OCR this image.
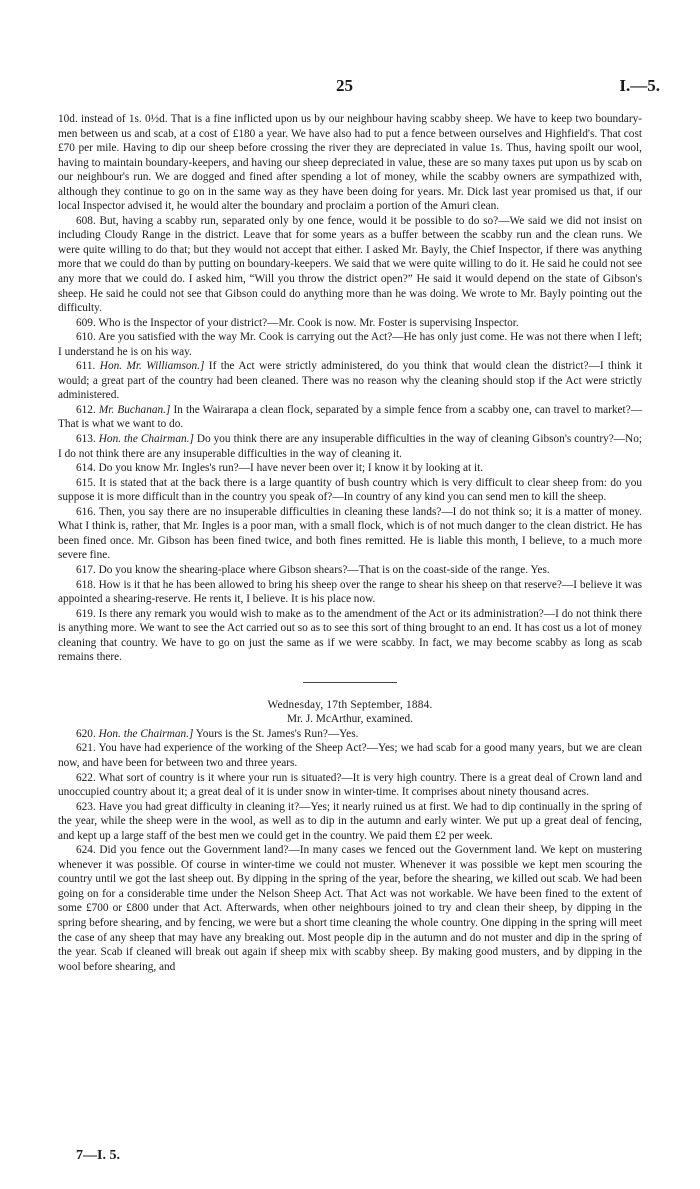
25	I.—5.

10d. instead of 1s. 0½d. That is a fine inflicted upon us by our neighbour having scabby sheep. We have to keep two boundary-men between us and scab, at a cost of £180 a year. We have also had to put a fence between ourselves and Highfield's. That cost £70 per mile. Having to dip our sheep before crossing the river they are depreciated in value 1s. Thus, having spoilt our wool, having to maintain boundary-keepers, and having our sheep depreciated in value, these are so many taxes put upon us by scab on our neighbour's run. We are dogged and fined after spending a lot of money, while the scabby owners are sympathized with, although they continue to go on in the same way as they have been doing for years. Mr. Dick last year promised us that, if our local Inspector advised it, he would alter the boundary and proclaim a portion of the Amuri clean.

608. But, having a scabby run, separated only by one fence, would it be possible to do so?—We said we did not insist on including Cloudy Range in the district. Leave that for some years as a buffer between the scabby run and the clean runs. We were quite willing to do that; but they would not accept that either. I asked Mr. Bayly, the Chief Inspector, if there was anything more that we could do than by putting on boundary-keepers. We said that we were quite willing to do it. He said he could not see any more that we could do. I asked him, “Will you throw the district open?” He said it would depend on the state of Gibson's sheep. He said he could not see that Gibson could do anything more than he was doing. We wrote to Mr. Bayly pointing out the difficulty.

609. Who is the Inspector of your district?—Mr. Cook is now. Mr. Foster is supervising Inspector.

610. Are you satisfied with the way Mr. Cook is carrying out the Act?—He has only just come. He was not there when I left; I understand he is on his way.

611. Hon. Mr. Williamson.] If the Act were strictly administered, do you think that would clean the district?—I think it would; a great part of the country had been cleaned. There was no reason why the cleaning should stop if the Act were strictly administered.

612. Mr. Buchanan.] In the Wairarapa a clean flock, separated by a simple fence from a scabby one, can travel to market?—That is what we want to do.

613. Hon. the Chairman.] Do you think there are any insuperable difficulties in the way of cleaning Gibson's country?—No; I do not think there are any insuperable difficulties in the way of cleaning it.

614. Do you know Mr. Ingles's run?—I have never been over it; I know it by looking at it.

615. It is stated that at the back there is a large quantity of bush country which is very difficult to clear sheep from: do you suppose it is more difficult than in the country you speak of?—In country of any kind you can send men to kill the sheep.

616. Then, you say there are no insuperable difficulties in cleaning these lands?—I do not think so; it is a matter of money. What I think is, rather, that Mr. Ingles is a poor man, with a small flock, which is of not much danger to the clean district. He has been fined once. Mr. Gibson has been fined twice, and both fines remitted. He is liable this month, I believe, to a much more severe fine.

617. Do you know the shearing-place where Gibson shears?—That is on the coast-side of the range. Yes.

618. How is it that he has been allowed to bring his sheep over the range to shear his sheep on that reserve?—I believe it was appointed a shearing-reserve. He rents it, I believe. It is his place now.

619. Is there any remark you would wish to make as to the amendment of the Act or its administration?—I do not think there is anything more. We want to see the Act carried out so as to see this sort of thing brought to an end. It has cost us a lot of money cleaning that country. We have to go on just the same as if we were scabby. In fact, we may become scabby as long as scab remains there.

Wednesday, 17th September, 1884.

Mr. J. McArthur, examined.

620. Hon. the Chairman.] Yours is the St. James's Run?—Yes.

621. You have had experience of the working of the Sheep Act?—Yes; we had scab for a good many years, but we are clean now, and have been for between two and three years.

622. What sort of country is it where your run is situated?—It is very high country. There is a great deal of Crown land and unoccupied country about it; a great deal of it is under snow in winter-time. It comprises about ninety thousand acres.

623. Have you had great difficulty in cleaning it?—Yes; it nearly ruined us at first. We had to dip continually in the spring of the year, while the sheep were in the wool, as well as to dip in the autumn and early winter. We put up a great deal of fencing, and kept up a large staff of the best men we could get in the country. We paid them £2 per week.

624. Did you fence out the Government land?—In many cases we fenced out the Government land. We kept on mustering whenever it was possible. Of course in winter-time we could not muster. Whenever it was possible we kept men scouring the country until we got the last sheep out. By dipping in the spring of the year, before the shearing, we killed out scab. We had been going on for a considerable time under the Nelson Sheep Act. That Act was not workable. We have been fined to the extent of some £700 or £800 under that Act. Afterwards, when other neighbours joined to try and clean their sheep, by dipping in the spring before shearing, and by fencing, we were but a short time cleaning the whole country. One dipping in the spring will meet the case of any sheep that may have any breaking out. Most people dip in the autumn and do not muster and dip in the spring of the year. Scab if cleaned will break out again if sheep mix with scabby sheep. By making good musters, and by dipping in the wool before shearing, and

7—I. 5.
